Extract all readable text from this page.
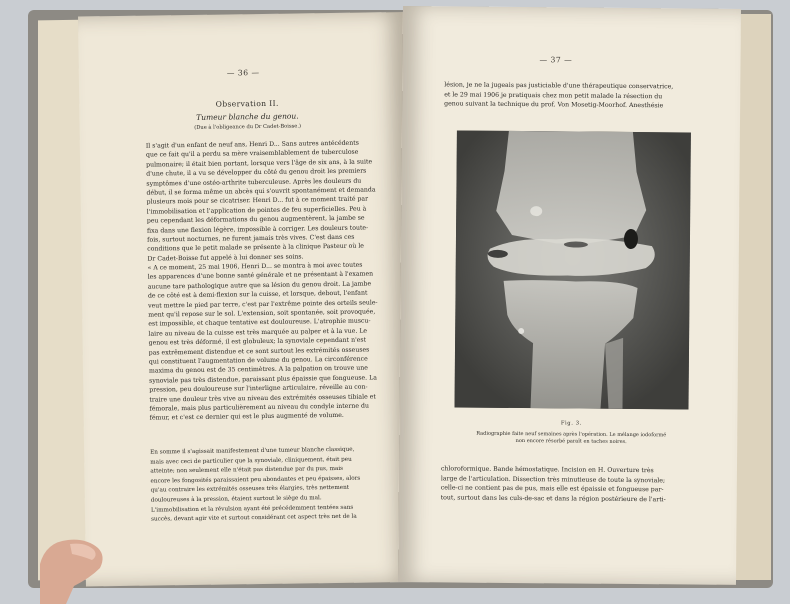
— 36 —
Observation II.
Tumeur blanche du genou.
(Due à l'obligeance du Dr Cadet-Boisse.)
Il s'agit d'un enfant de neuf ans, Henri D... Sans autres antécédents
que ce fait qu'il a perdu sa mère vraisemblablement de tuberculose
pulmonaire; il était bien portant, lorsque vers l'âge de six ans, à la suite
d'une chute, il a vu se développer du côté du genou droit les premiers
symptômes d'une ostéo-arthrite tuberculeuse. Après les douleurs du
début, il se forma même un abcès qui s'ouvrit spontanément et demanda
plusieurs mois pour se cicatriser. Henri D... fut à ce moment traité par
l'immobilisation et l'application de pointes de feu superficielles. Peu à
peu cependant les déformations du genou augmentèrent, la jambe se
fixa dans une flexion légère, impossible à corriger. Les douleurs toute-
fois, surtout nocturnes, ne furent jamais très vives. C'est dans ces
conditions que le petit malade se présente à la clinique Pasteur où le
Dr Cadet-Boisse fut appelé à lui donner ses soins.
« A ce moment, 25 mai 1906, Henri D... se montra à moi avec toutes
les apparences d'une bonne santé générale et ne présentant à l'examen
aucune tare pathologique autre que sa lésion du genou droit. La jambe
de ce côté est à demi-flexion sur la cuisse, et lorsque, debout, l'enfant
veut mettre le pied par terre, c'est par l'extrême pointe des orteils seule-
ment qu'il repose sur le sol. L'extension, soit spontanée, soit provoquée,
est impossible, et chaque tentative est douloureuse. L'atrophie muscu-
laire au niveau de la cuisse est très marquée au palper et à la vue. Le
genou est très déformé, il est globuleux; la synoviale cependant n'est
pas extrêmement distendue et ce sont surtout les extrémités osseuses
qui constituent l'augmentation de volume du genou. La circonférence
maxima du genou est de 35 centimètres. A la palpation on trouve une
synoviale pas très distendue, paraissant plus épaissie que fongueuse. La
pression, peu douloureuse sur l'interligne articulaire, réveille au con-
traire une douleur très vive au niveau des extrémités osseuses tibiale et
fémorale, mais plus particulièrement au niveau du condyle interne du
fémur, et c'est ce dernier qui est le plus augmenté de volume.
En somme il s'agissait manifestement d'une tumeur blanche classique,
mais avec ceci de particulier que la synoviale, cliniquement, était peu
atteinte; non seulement elle n'était pas distendue par du pus, mais
encore les fongosités paraissaient peu abondantes et peu épaisses, alors
qu'au contraire les extrémités osseuses très élargies, très nettement
douloureuses à la pression, étaient surtout le siège du mal.
L'immobilisation et la révulsion ayant été précédemment tentées sans
succès, devant agir vite et surtout considérant cet aspect très net de la
— 37 —
lésion, je ne la jugeais pas justiciable d'une thérapeutique conservatrice,
et le 29 mai 1906 je pratiquais chez mon petit malade la résection du
genou suivant la technique du prof. Von Mosetig-Moorhof. Anesthésie
Fig. 3.
Radiographie faite neuf semaines après l'opération. Le mélange iodoformé
non encore résorbé paraît en taches noires.
chloroformique. Bande hémostatique. Incision en H. Ouverture très
large de l'articulation. Dissection très minutieuse de toute la synoviale;
celle-ci ne contient pas de pus, mais elle est épaissie et fongueuse par-
tout, surtout dans les culs-de-sac et dans la région postérieure de l'arti-
